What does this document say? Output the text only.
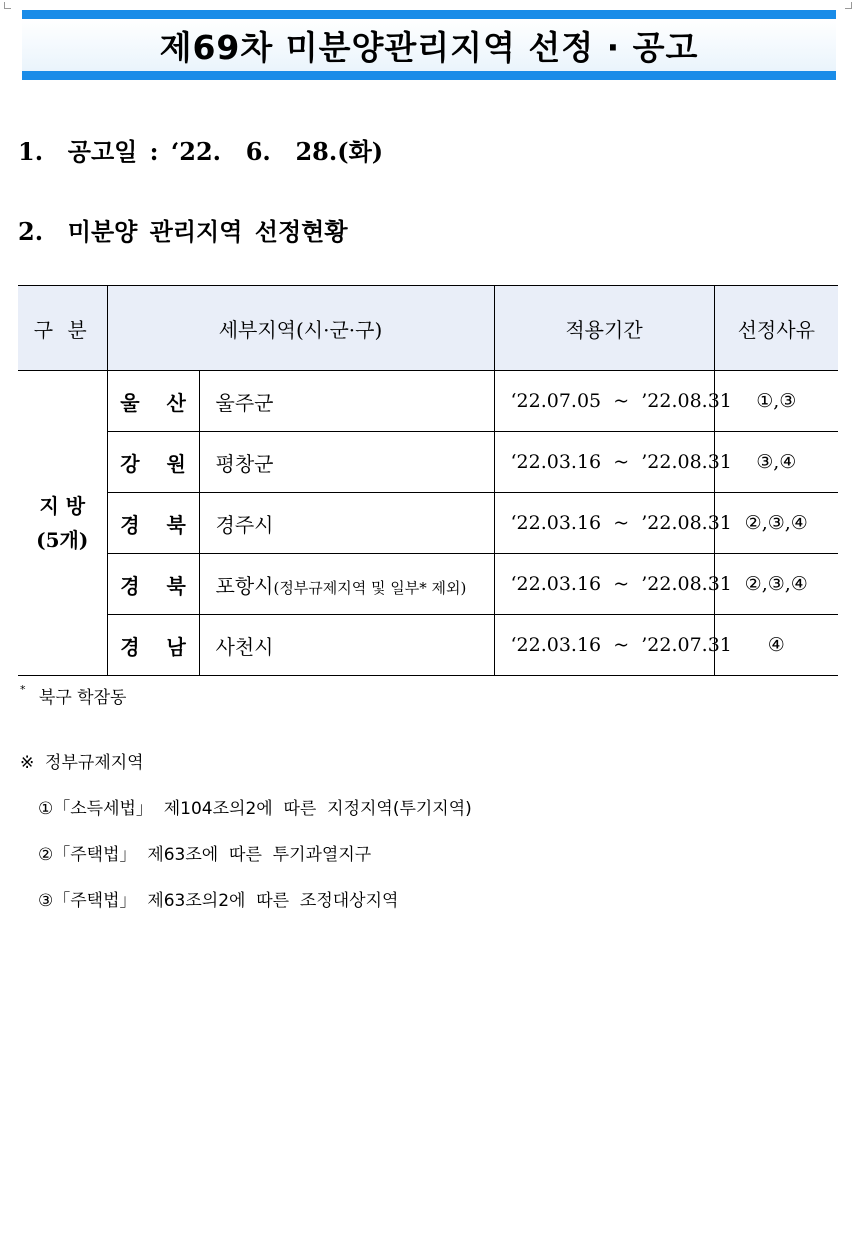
제69차 미분양관리지역 선정 · 공고
1.  공고일 : ‘22.  6.  28.(화)
2.  미분양 관리지역 선정현황
구 분	세부지역(시·군·구)		적용기간	선정사유

지 방
(5개)	울 산	울주군	‘22.07.05  ~  ’22.08.31	①,③
	강 원	평창군	‘22.03.16  ~  ’22.08.31	③,④
	경 북	경주시	‘22.03.16  ~  ’22.08.31	②,③,④
	경 북	포항시(정부규제지역 및 일부* 제외)	‘22.03.16  ~  ’22.08.31	②,③,④
	경 남	사천시	‘22.03.16  ~  ’22.07.31	④
* 북구 학잠동
※  정부규제지역
①「소득세법」  제104조의2에  따른  지정지역(투기지역)
②「주택법」  제63조에  따른  투기과열지구
③「주택법」  제63조의2에  따른  조정대상지역
